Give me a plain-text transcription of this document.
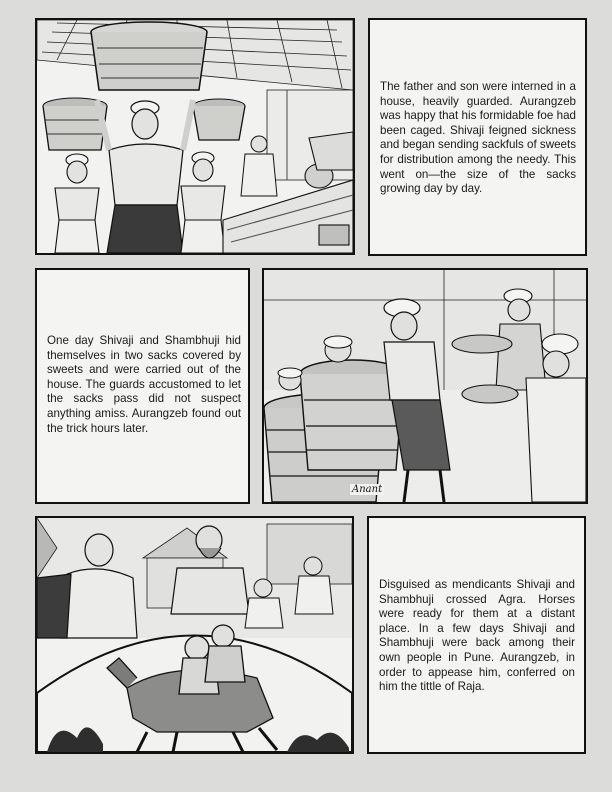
The father and son were interned in a house, heavily guarded. Aurangzeb was happy that his formidable foe had been caged. Shivaji feigned sickness and began sending sackfuls of sweets for distribution among the needy. This went on—the size of the sacks growing day by day.
One day Shivaji and Shambhuji hid themselves in two sacks covered by sweets and were carried out of the house. The guards accustomed to let the sacks pass did not suspect anything amiss. Aurangzeb found out the trick hours later.
Anant
Disguised as mendicants Shivaji and Shambhuji crossed Agra. Horses were ready for them at a distant place. In a few days Shivaji and Shambhuji were back among their own people in Pune. Aurangzeb, in order to appease him, conferred on him the tittle of Raja.
